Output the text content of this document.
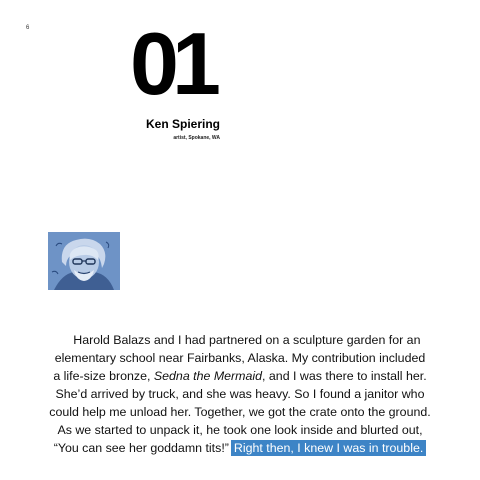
6 01
Ken Spiering
artist, Spokane, WA
Harold Balazs and I had partnered on a sculpture garden for an
elementary school near Fairbanks, Alaska. My contribution included
a life-size bronze, Sedna the Mermaid, and I was there to install her.
She’d arrived by truck, and she was heavy. So I found a janitor who
could help me unload her. Together, we got the crate onto the ground.
As we started to unpack it, he took one look inside and blurted out,
“You can see her goddamn tits!” Right then, I knew I was in trouble.
